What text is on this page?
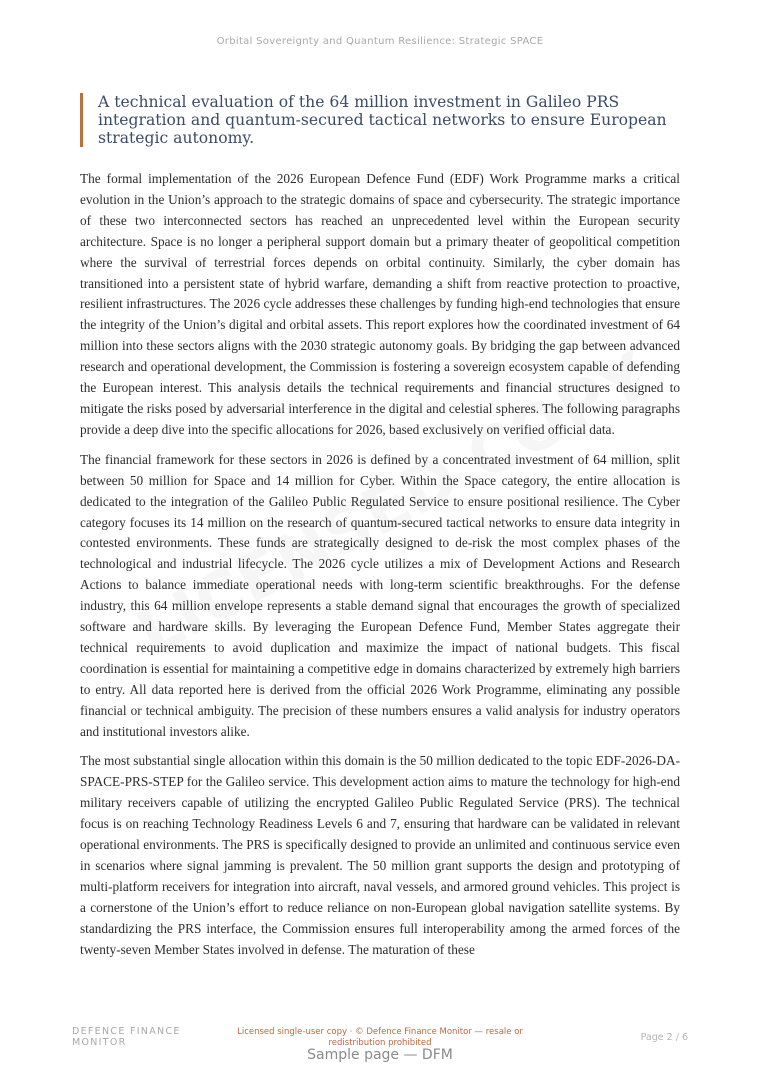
Orbital Sovereignty and Quantum Resilience: Strategic SPACE
A technical evaluation of the 64 million investment in Galileo PRS integration and quantum-secured tactical networks to ensure European strategic autonomy.

The formal implementation of the 2026 European Defence Fund (EDF) Work Programme marks a critical evolution in the Union’s approach to the strategic domains of space and cybersecurity. The strategic importance of these two interconnected sectors has reached an unprecedented level within the European security architecture. Space is no longer a peripheral support domain but a primary theater of geopolitical competition where the survival of terrestrial forces depends on orbital continuity. Similarly, the cyber domain has transitioned into a persistent state of hybrid warfare, demanding a shift from reactive protection to proactive, resilient infrastructures. The 2026 cycle addresses these challenges by funding high-end technologies that ensure the integrity of the Union’s digital and orbital assets. This report explores how the coordinated investment of 64 million into these sectors aligns with the 2030 strategic autonomy goals. By bridging the gap between advanced research and operational development, the Commission is fostering a sovereign ecosystem capable of defending the European interest. This analysis details the technical requirements and financial structures designed to mitigate the risks posed by adversarial interference in the digital and celestial spheres. The following paragraphs provide a deep dive into the specific allocations for 2026, based exclusively on verified official data.

The financial framework for these sectors in 2026 is defined by a concentrated investment of 64 million, split between 50 million for Space and 14 million for Cyber. Within the Space category, the entire allocation is dedicated to the integration of the Galileo Public Regulated Service to ensure positional resilience. The Cyber category focuses its 14 million on the research of quantum-secured tactical networks to ensure data integrity in contested environments. These funds are strategically designed to de-risk the most complex phases of the technological and industrial lifecycle. The 2026 cycle utilizes a mix of Development Actions and Research Actions to balance immediate operational needs with long-term scientific breakthroughs. For the defense industry, this 64 million envelope represents a stable demand signal that encourages the growth of specialized software and hardware skills. By leveraging the European Defence Fund, Member States aggregate their technical requirements to avoid duplication and maximize the impact of national budgets. This fiscal coordination is essential for maintaining a competitive edge in domains characterized by extremely high barriers to entry. All data reported here is derived from the official 2026 Work Programme, eliminating any possible financial or technical ambiguity. The precision of these numbers ensures a valid analysis for industry operators and institutional investors alike.

The most substantial single allocation within this domain is the 50 million dedicated to the topic EDF-2026-DA-SPACE-PRS-STEP for the Galileo service. This development action aims to mature the technology for high-end military receivers capable of utilizing the encrypted Galileo Public Regulated Service (PRS). The technical focus is on reaching Technology Readiness Levels 6 and 7, ensuring that hardware can be validated in relevant operational environments. The PRS is specifically designed to provide an unlimited and continuous service even in scenarios where signal jamming is prevalent. The 50 million grant supports the design and prototyping of multi-platform receivers for integration into aircraft, naval vessels, and armored ground vehicles. This project is a cornerstone of the Union’s effort to reduce reliance on non-European global navigation satellite systems. By standardizing the PRS interface, the Commission ensures full interoperability among the armed forces of the twenty-seven Member States involved in defense. The maturation of these

DEFENCE FINANCE MONITOR
Licensed single-user copy · © Defence Finance Monitor — resale or redistribution prohibited	Page 2 / 6
Sample page — DFM
